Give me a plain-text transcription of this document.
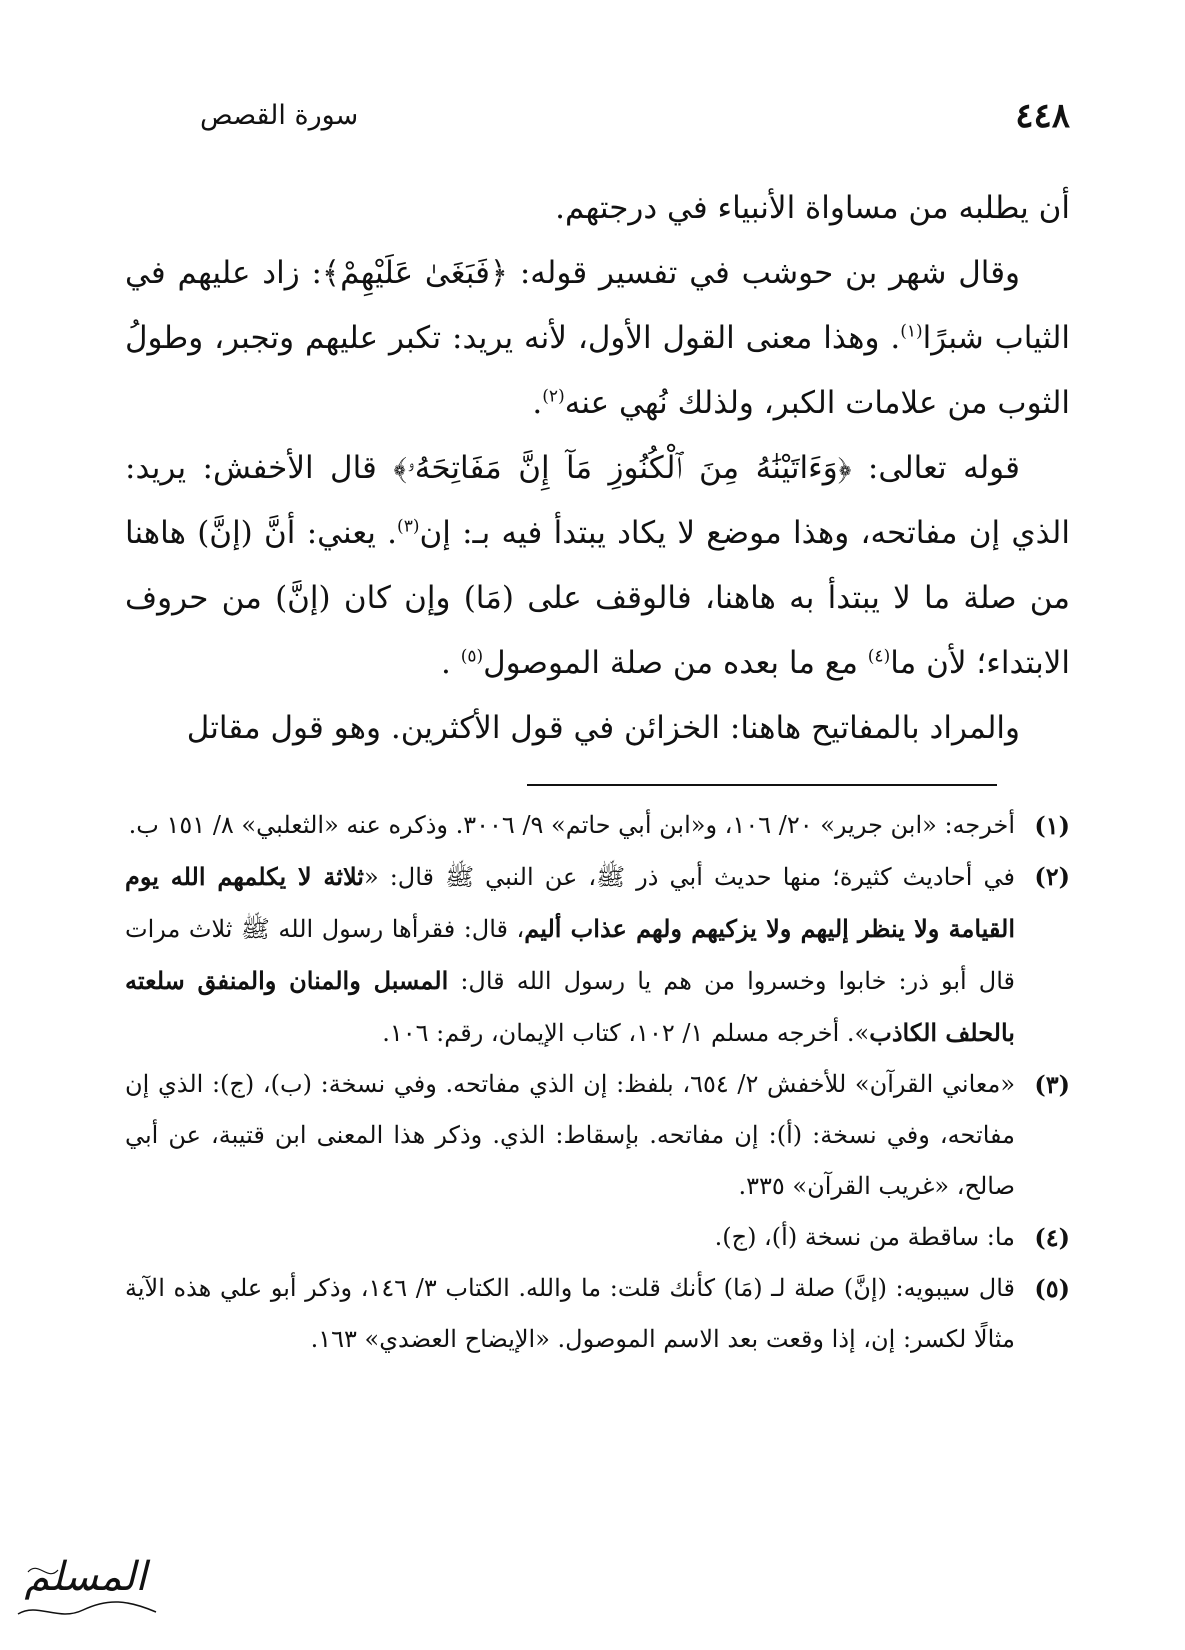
٤٤٨
سورة القصص

أن يطلبه من مساواة الأنبياء في درجتهم.

وقال شهر بن حوشب في تفسير قوله: ﴿فَبَغَىٰ عَلَيْهِمْ﴾: زاد عليهم في الثياب شبرًا$^{(١)}$. وهذا معنى القول الأول، لأنه يريد: تكبر عليهم وتجبر، وطولُ الثوب من علامات الكبر، ولذلك نُهي عنه$^{(٢)}$.

قوله تعالى: ﴿وَءَاتَيْنَٰهُ مِنَ ٱلْكُنُوزِ مَآ إِنَّ مَفَاتِحَهُۥ﴾ قال الأخفش: يريد: الذي إن مفاتحه، وهذا موضع لا يكاد يبتدأ فيه بـ: إن$^{(٣)}$. يعني: أنَّ (إنَّ) هاهنا من صلة ما لا يبتدأ به هاهنا، فالوقف على (مَا) وإن كان (إنَّ) من حروف الابتداء؛ لأن ما$^{(٤)}$ مع ما بعده من صلة الموصول$^{(٥)}$ .

والمراد بالمفاتيح هاهنا: الخزائن في قول الأكثرين. وهو قول مقاتل

(١)
أخرجه: «ابن جرير» ٢٠/ ١٠٦، و«ابن أبي حاتم» ٩/ ٣٠٠٦. وذكره عنه «الثعلبي» ٨/ ١٥١ ب.
(٢)
في أحاديث كثيرة؛ منها حديث أبي ذر ﷺ، عن النبي ﷺ قال: «ثلاثة لا يكلمهم الله يوم القيامة ولا ينظر إليهم ولا يزكيهم ولهم عذاب أليم، قال: فقرأها رسول الله ﷺ ثلاث مرات قال أبو ذر: خابوا وخسروا من هم يا رسول الله قال: المسبل والمنان والمنفق سلعته بالحلف الكاذب». أخرجه مسلم ١/ ١٠٢، كتاب الإيمان، رقم: ١٠٦.
(٣)
«معاني القرآن» للأخفش ٢/ ٦٥٤، بلفظ: إن الذي مفاتحه. وفي نسخة: (ب)، (ج): الذي إن مفاتحه، وفي نسخة: (أ): إن مفاتحه. بإسقاط: الذي. وذكر هذا المعنى ابن قتيبة، عن أبي صالح، «غريب القرآن» ٣٣٥.
(٤)
ما: ساقطة من نسخة (أ)، (ج).
(٥)
قال سيبويه: (إنَّ) صلة لـ (مَا) كأنك قلت: ما والله. الكتاب ٣/ ١٤٦، وذكر أبو علي هذه الآية مثالًا لكسر: إن، إذا وقعت بعد الاسم الموصول. «الإيضاح العضدي» ١٦٣.
المسلم
